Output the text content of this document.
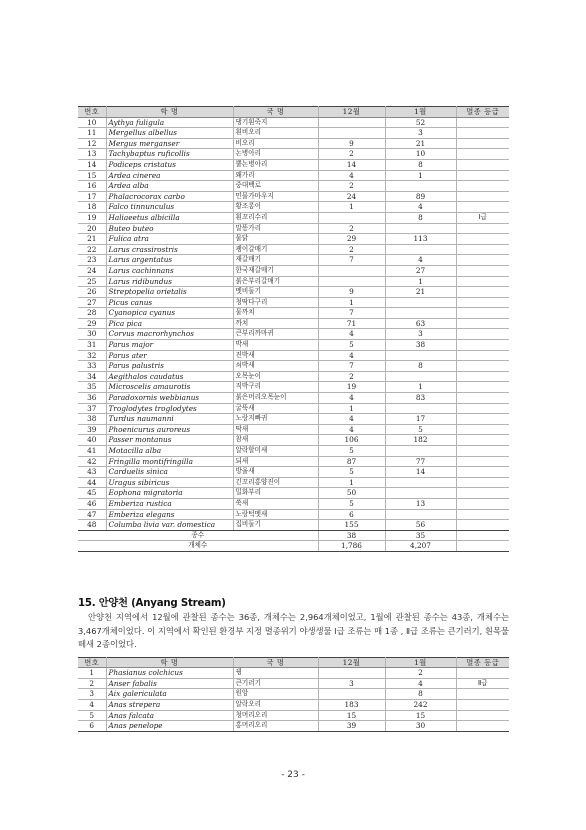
번호	학 명	국 명	12월	1월	멸종 등급
10	Aythya fuligula	댕기흰죽지		52	
11	Mergellus albellus	흰비오리		3	
12	Mergus merganser	비오리	9	21	
13	Tachybaptus ruficollis	논병아리	2	10	
14	Podiceps cristatus	뿔논병아리	14	8	
15	Ardea cinerea	왜가리	4	1	
16	Ardea alba	중대백로	2		
17	Phalacrocorax carbo	민물가마우지	24	89	
18	Falco tinnunculus	황조롱이	1	4	
19	Haliaeetus albicilla	흰꼬리수리		8	Ⅰ급
20	Buteo buteo	말똥가리	2		
21	Fulica atra	물닭	29	113	
22	Larus crassirostris	괭이갈매기	2		
23	Larus argentatus	재갈매기	7	4	
24	Larus cachinnans	한국재갈매기		27	
25	Larus ridibundus	붉은부리갈매기		1	
26	Streptopelia orietalis	멧비둘기	9	21	
27	Picus canus	청딱다구리	1		
28	Cyanopica cyanus	물까치	7		
29	Pica pica	까치	71	63	
30	Corvus macrorhynchos	큰부리까마귀	4	3	
31	Parus major	박새	5	38	
32	Parus ater	진박새	4		
33	Parus palustris	쇠박새	7	8	
34	Aegithalos caudatus	오목눈이	2		
35	Microscelis amaurotis	직박구리	19	1	
36	Paradoxornis webbianus	붉은머리오목눈이	4	83	
37	Troglodytes troglodytes	굴뚝새	1		
38	Turdus naumanni	노랑지빠귀	4	17	
39	Phoenicurus auroreus	딱새	4	5	
40	Passer montanus	참새	106	182	
41	Motacilla alba	알락할미새	5		
42	Fringilla montifringilla	되새	87	77	
43	Carduelis sinica	방울새	5	14	
44	Uragus sibiricus	긴꼬리홍양진이	1		
45	Eophona migratoria	밀화부리	50		
46	Emberiza rustica	쑥새	5	13	
47	Emberiza elegans	노랑턱멧새	6		
48	Columba livia var. domestica	집비둘기	155	56	
종수			38	35	
개체수			1,786	4,207	
15. 안양천 (Anyang Stream)

안양천 지역에서 12월에 관찰된 종수는 36종, 개체수는 2,964개체이었고, 1월에 관찰된 종수는 43종, 개체수는 3,467개체이었다. 이 지역에서 확인된 환경부 지정 멸종위기 야생생물 Ⅰ급 조류는 매 1종 , Ⅱ급 조류는 큰기러기, 흰목물떼새 2종이었다.

번호	학 명	국 명	12월	1월	멸종 등급
1	Phasianus colchicus	꿩		2	
2	Anser fabalis	큰기러기	3	4	Ⅱ급
3	Aix galericulata	원앙		8	
4	Anas strepera	알락오리	183	242	
5	Anas falcata	청머리오리	15	15	
6	Anas penelope	홍머리오리	39	30	
- 23 -
